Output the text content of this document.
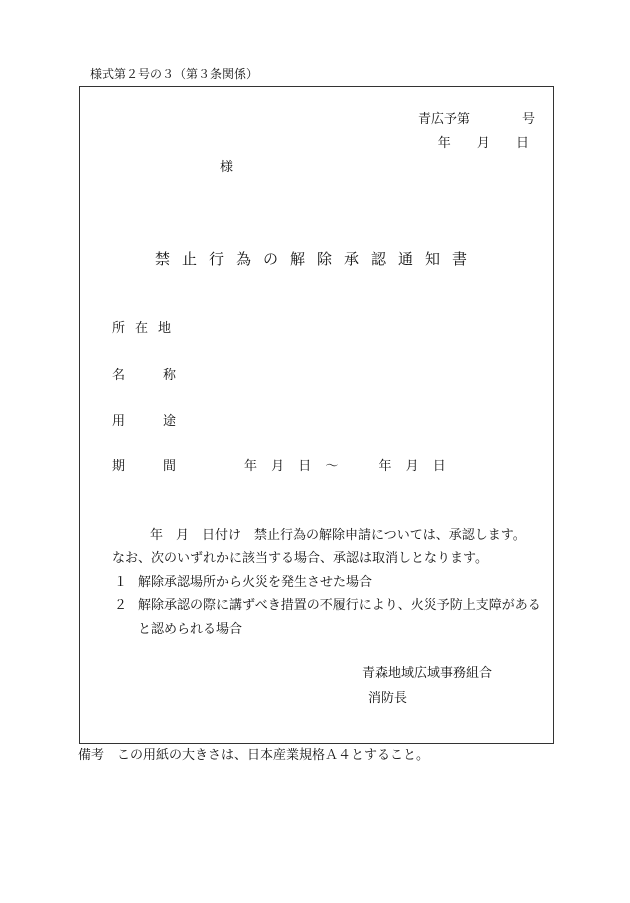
様式第２号の３（第３条関係）
青広予第　　　　号
年 月 日
様
禁止行為の解除承認通知書
所在地
名称
用途
期間 年 月 日 ～ 　　年 月 日
年　月　日付け　禁止行為の解除申請については、承認します。
なお、次のいずれかに該当する場合、承認は取消しとなります。
１ 解除承認場所から火災を発生させた場合
２ 解除承認の際に講ずべき措置の不履行により、火災予防上支障がある
と認められる場合
青森地域広域事務組合
消防長
備考　この用紙の大きさは、日本産業規格Ａ４とすること。
